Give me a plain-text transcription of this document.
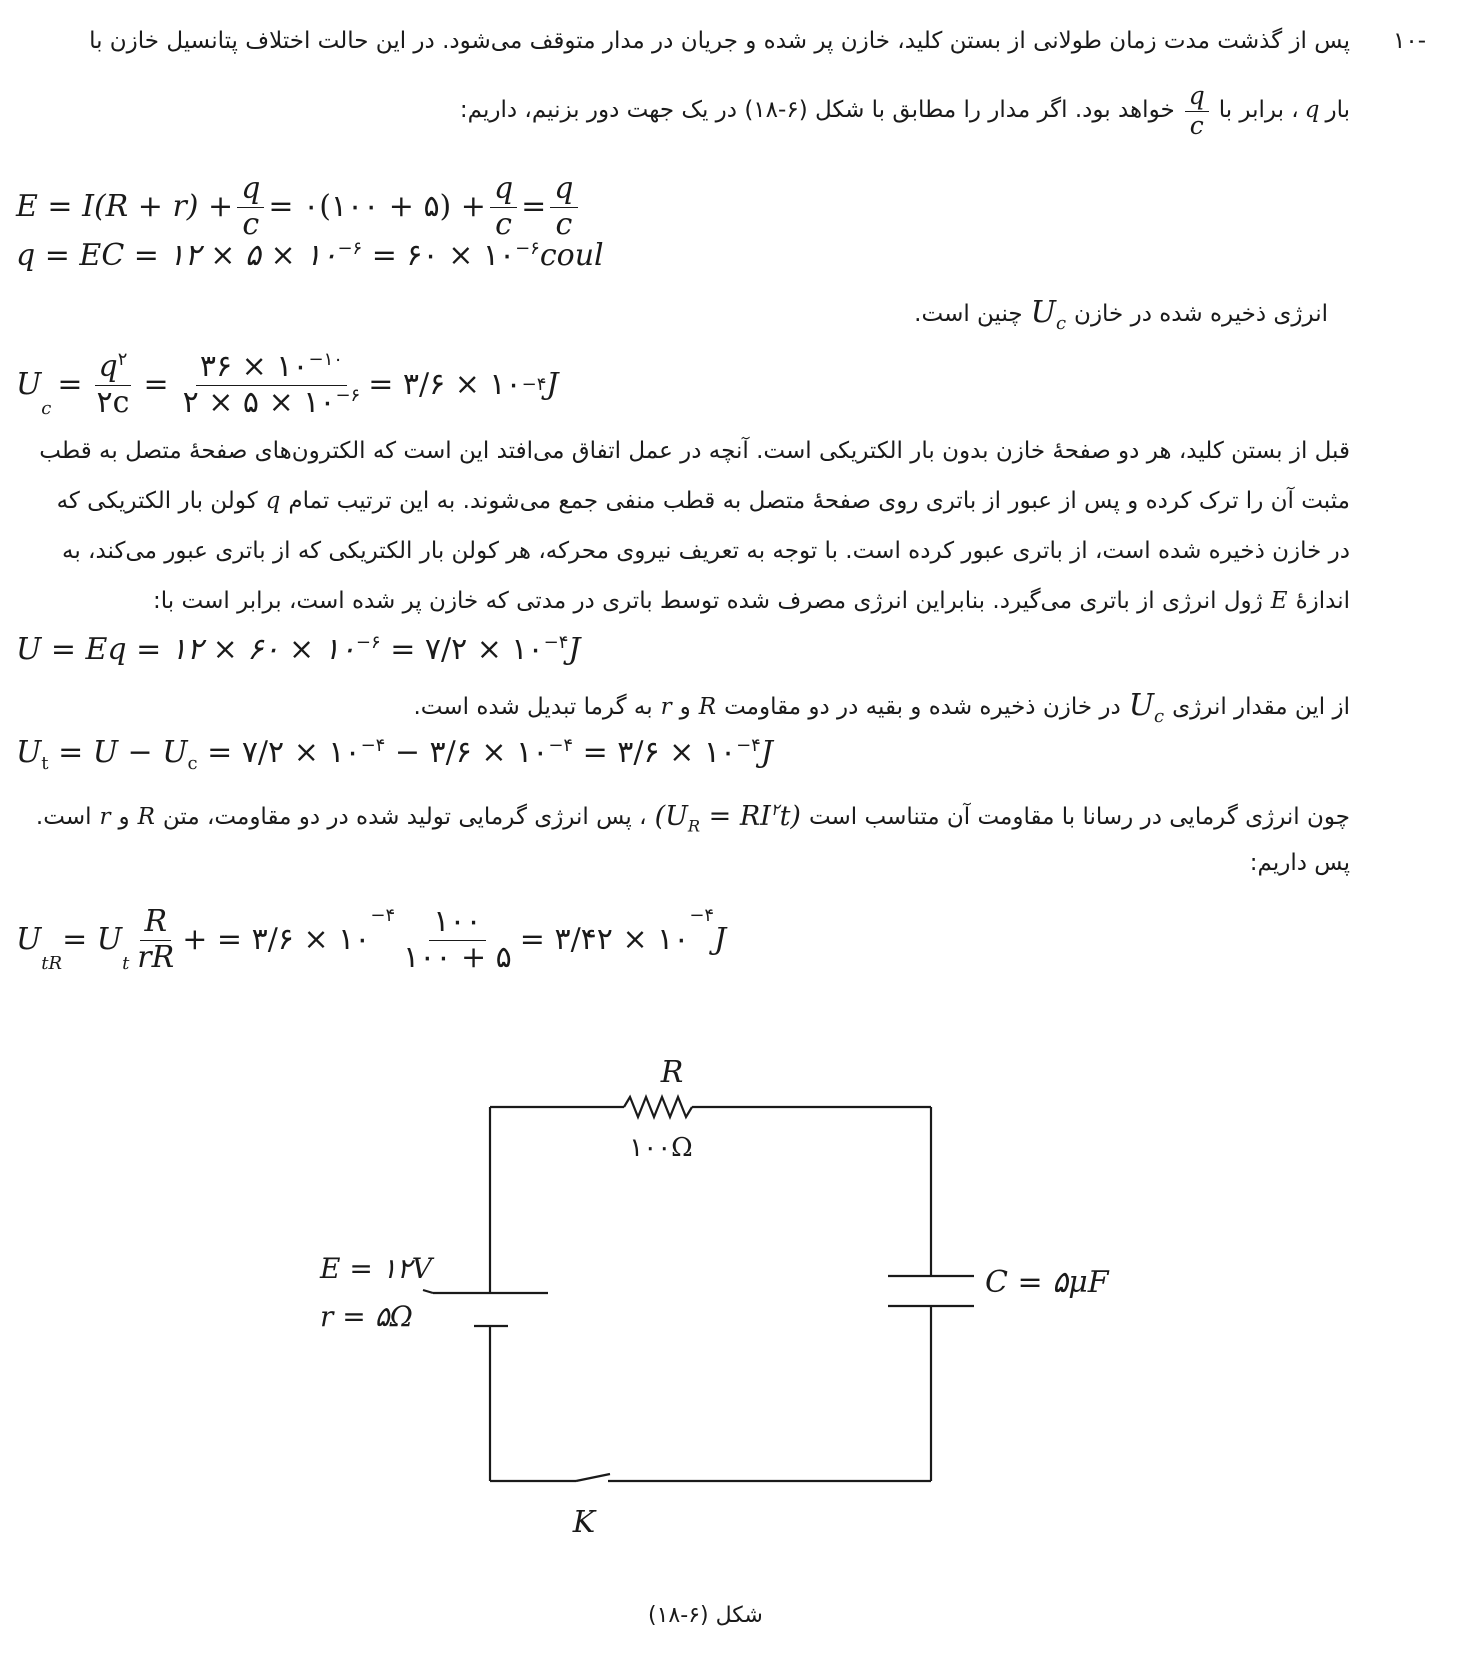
-۱۰
پس از گذشت مدت زمان طولانی از بستن کلید، خازن پر شده و جریان در مدار متوقف می‌شود. در این حالت اختلاف پتانسیل خازن با
بار
q
، برابر با
$\frac{q}{c}$
خواهد بود. اگر مدار را مطابق با شکل (۶-۱۸) در یک جهت دور بزنیم، داریم:
$E = I(R + r) + \frac{q}{c}$ = ۰(۱۰۰ + ۵) + $\frac{q}{c} = \frac{q}{c}$
q = EC = ۱۲ × ۵ × $۱۰^{-۶}$ = ۶۰ × $۱۰^{-۶}coul$
انرژی ذخیره شده در خازن
$U_c$
چنین است.
U
$_c$
= $\frac{q^۲}{۲c} = \frac{۳۶ \times ۱۰^{-۱۰}}{۲ \times ۵ \times ۱۰^{-۶}}$ = ۳/۶ × ۱۰ −۴ J
قبل از بستن کلید، هر دو صفحهٔ خازن بدون بار الکتریکی است. آنچه در عمل اتفاق می‌افتد این است که الکترون‌های صفحهٔ متصل به قطب
مثبت آن را ترک کرده و پس از عبور از باتری روی صفحهٔ متصل به قطب منفی جمع می‌شوند. به این ترتیب تمام
q
کولن بار الکتریکی که
در خازن ذخیره شده است، از باتری عبور کرده است. با توجه به تعریف نیروی محرکه، هر کولن بار الکتریکی که از باتری عبور می‌کند، به
اندازهٔ
E
ژول انرژی از باتری می‌گیرد. بنابراین انرژی مصرف شده توسط باتری در مدتی که خازن پر شده است، برابر است با:
U = Eq = ۱۲ × ۶۰ × $۱۰^{-۶}$ = ۷/۲ × $۱۰^{-۴}J$
از این مقدار انرژی
$U_c$
در خازن ذخیره شده و بقیه در دو مقاومت
R
و
r
به گرما تبدیل شده است.
$U_t = U - U_c$ = ۷/۲ × $۱۰^{-۴}$ − ۳/۶ × $۱۰^{-۴}$ = ۳/۶ × $۱۰^{-۴}J$
چون انرژی گرمایی در رسانا با مقاومت آن متناسب است
$(U_R = RI^۲t)$
، پس انرژی گرمایی تولید شده در دو مقاومت، متن
R
و
r
است.
پس داریم:
U
$_{tR}$
= U
$_t \frac{R}{rR}$ + = ۳/۶ × ۱۰
$^{-۴} \frac{۱۰۰}{۱۰۰ + ۵}$ = ۳/۴۲ × ۱۰
$^{-۴}$
J
R
۱۰۰Ω
E = ۱۲V
r = ۵Ω
C = ۵μF
K
شکل (۶-۱۸)
